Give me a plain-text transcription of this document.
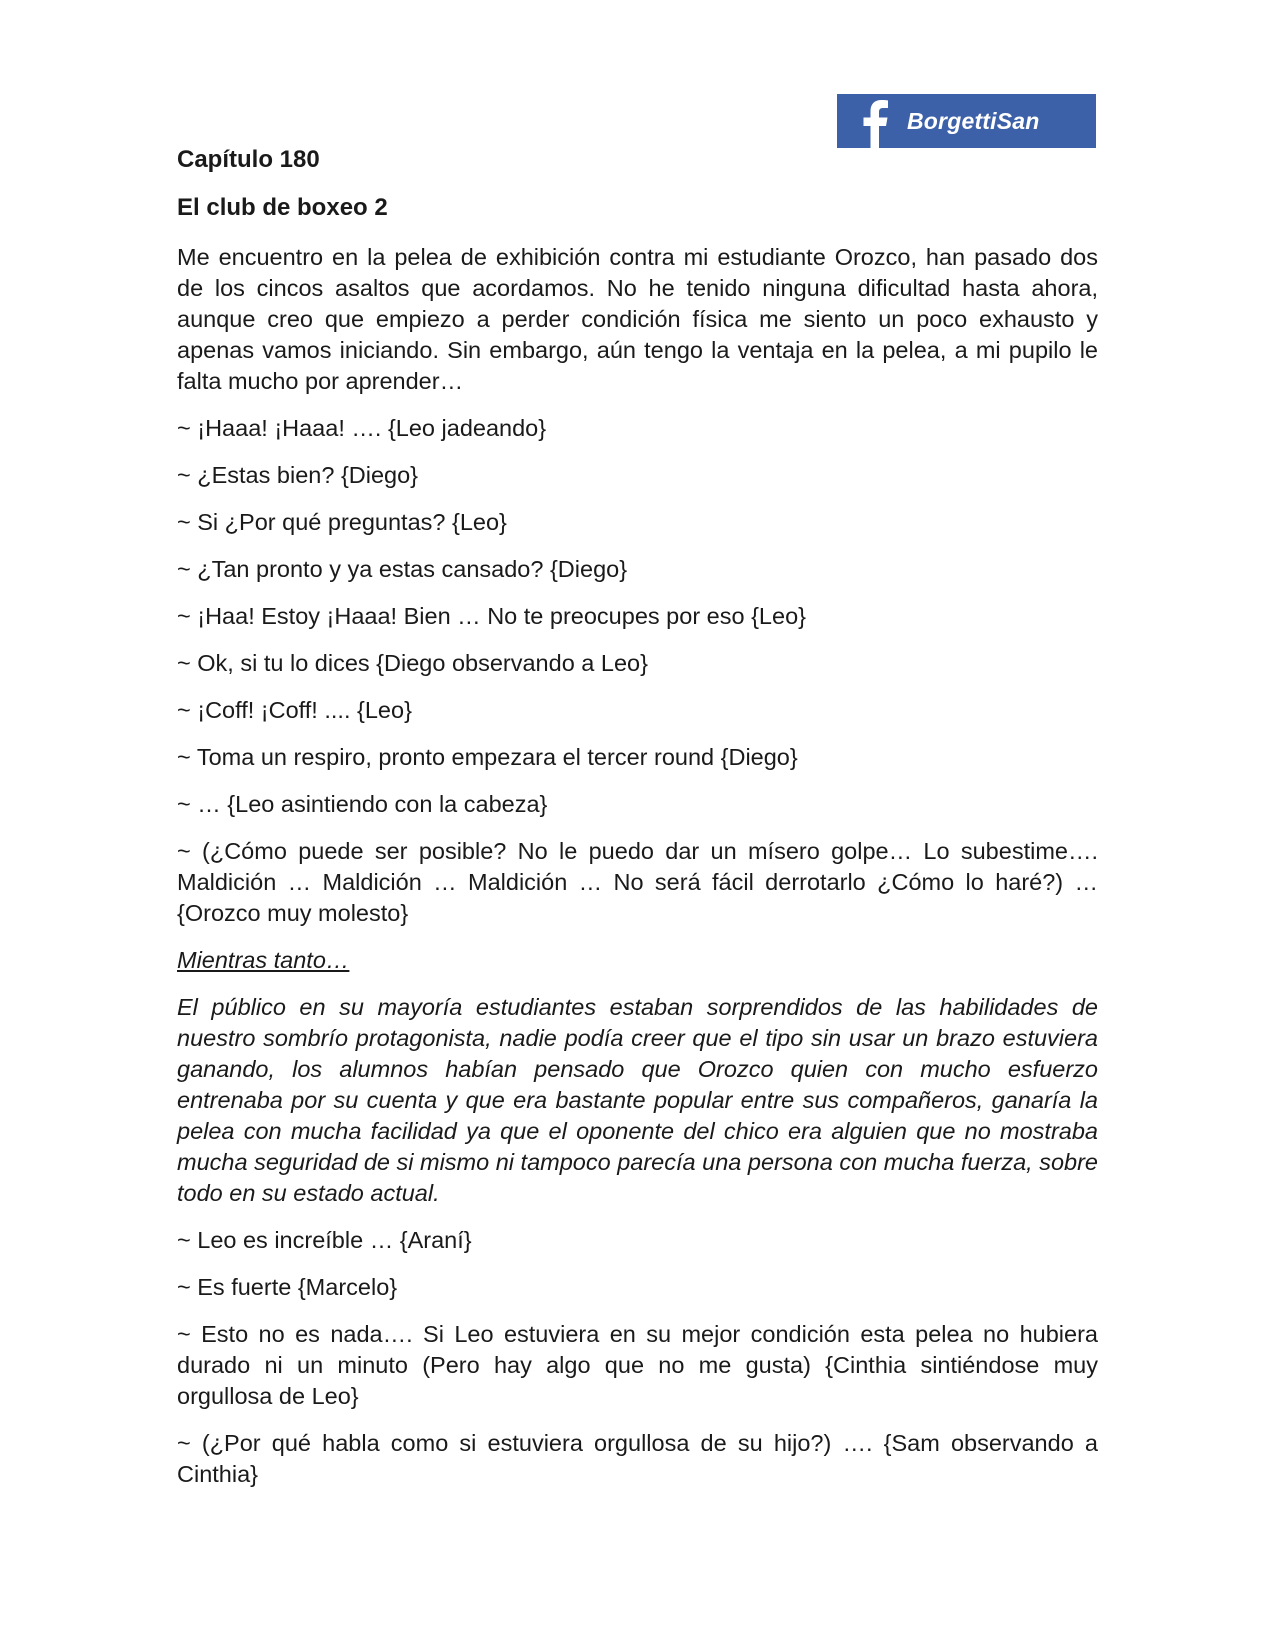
BorgettiSan
Capítulo 180
El club de boxeo 2

Me encuentro en la pelea de exhibición contra mi estudiante Orozco, han pasado dos de los cincos asaltos que acordamos. No he tenido ninguna dificultad hasta ahora, aunque creo que empiezo a perder condición física me siento un poco exhausto y apenas vamos iniciando. Sin embargo, aún tengo la ventaja en la pelea, a mi pupilo le falta mucho por aprender…

~ ¡Haaa! ¡Haaa! …. {Leo jadeando}

~ ¿Estas bien? {Diego}

~ Si ¿Por qué preguntas? {Leo}

~ ¿Tan pronto y ya estas cansado? {Diego}

~ ¡Haa! Estoy ¡Haaa! Bien … No te preocupes por eso {Leo}

~ Ok, si tu lo dices {Diego observando a Leo}

~ ¡Coff! ¡Coff! .... {Leo}

~ Toma un respiro, pronto empezara el tercer round {Diego}

~ … {Leo asintiendo con la cabeza}

~ (¿Cómo puede ser posible? No le puedo dar un mísero golpe… Lo subestime…. Maldición … Maldición … Maldición … No será fácil derrotarlo ¿Cómo lo haré?) … {Orozco muy molesto}

Mientras tanto…

El público en su mayoría estudiantes estaban sorprendidos de las habilidades de nuestro sombrío protagonista, nadie podía creer que el tipo sin usar un brazo estuviera ganando, los alumnos habían pensado que Orozco quien con mucho esfuerzo entrenaba por su cuenta y que era bastante popular entre sus compañeros, ganaría la pelea con mucha facilidad ya que el oponente del chico era alguien que no mostraba mucha seguridad de si mismo ni tampoco parecía una persona con mucha fuerza, sobre todo en su estado actual.

~ Leo es increíble … {Araní}

~ Es fuerte {Marcelo}

~ Esto no es nada…. Si Leo estuviera en su mejor condición esta pelea no hubiera durado ni un minuto (Pero hay algo que no me gusta) {Cinthia sintiéndose muy orgullosa de Leo}

~ (¿Por qué habla como si estuviera orgullosa de su hijo?) …. {Sam observando a Cinthia}
